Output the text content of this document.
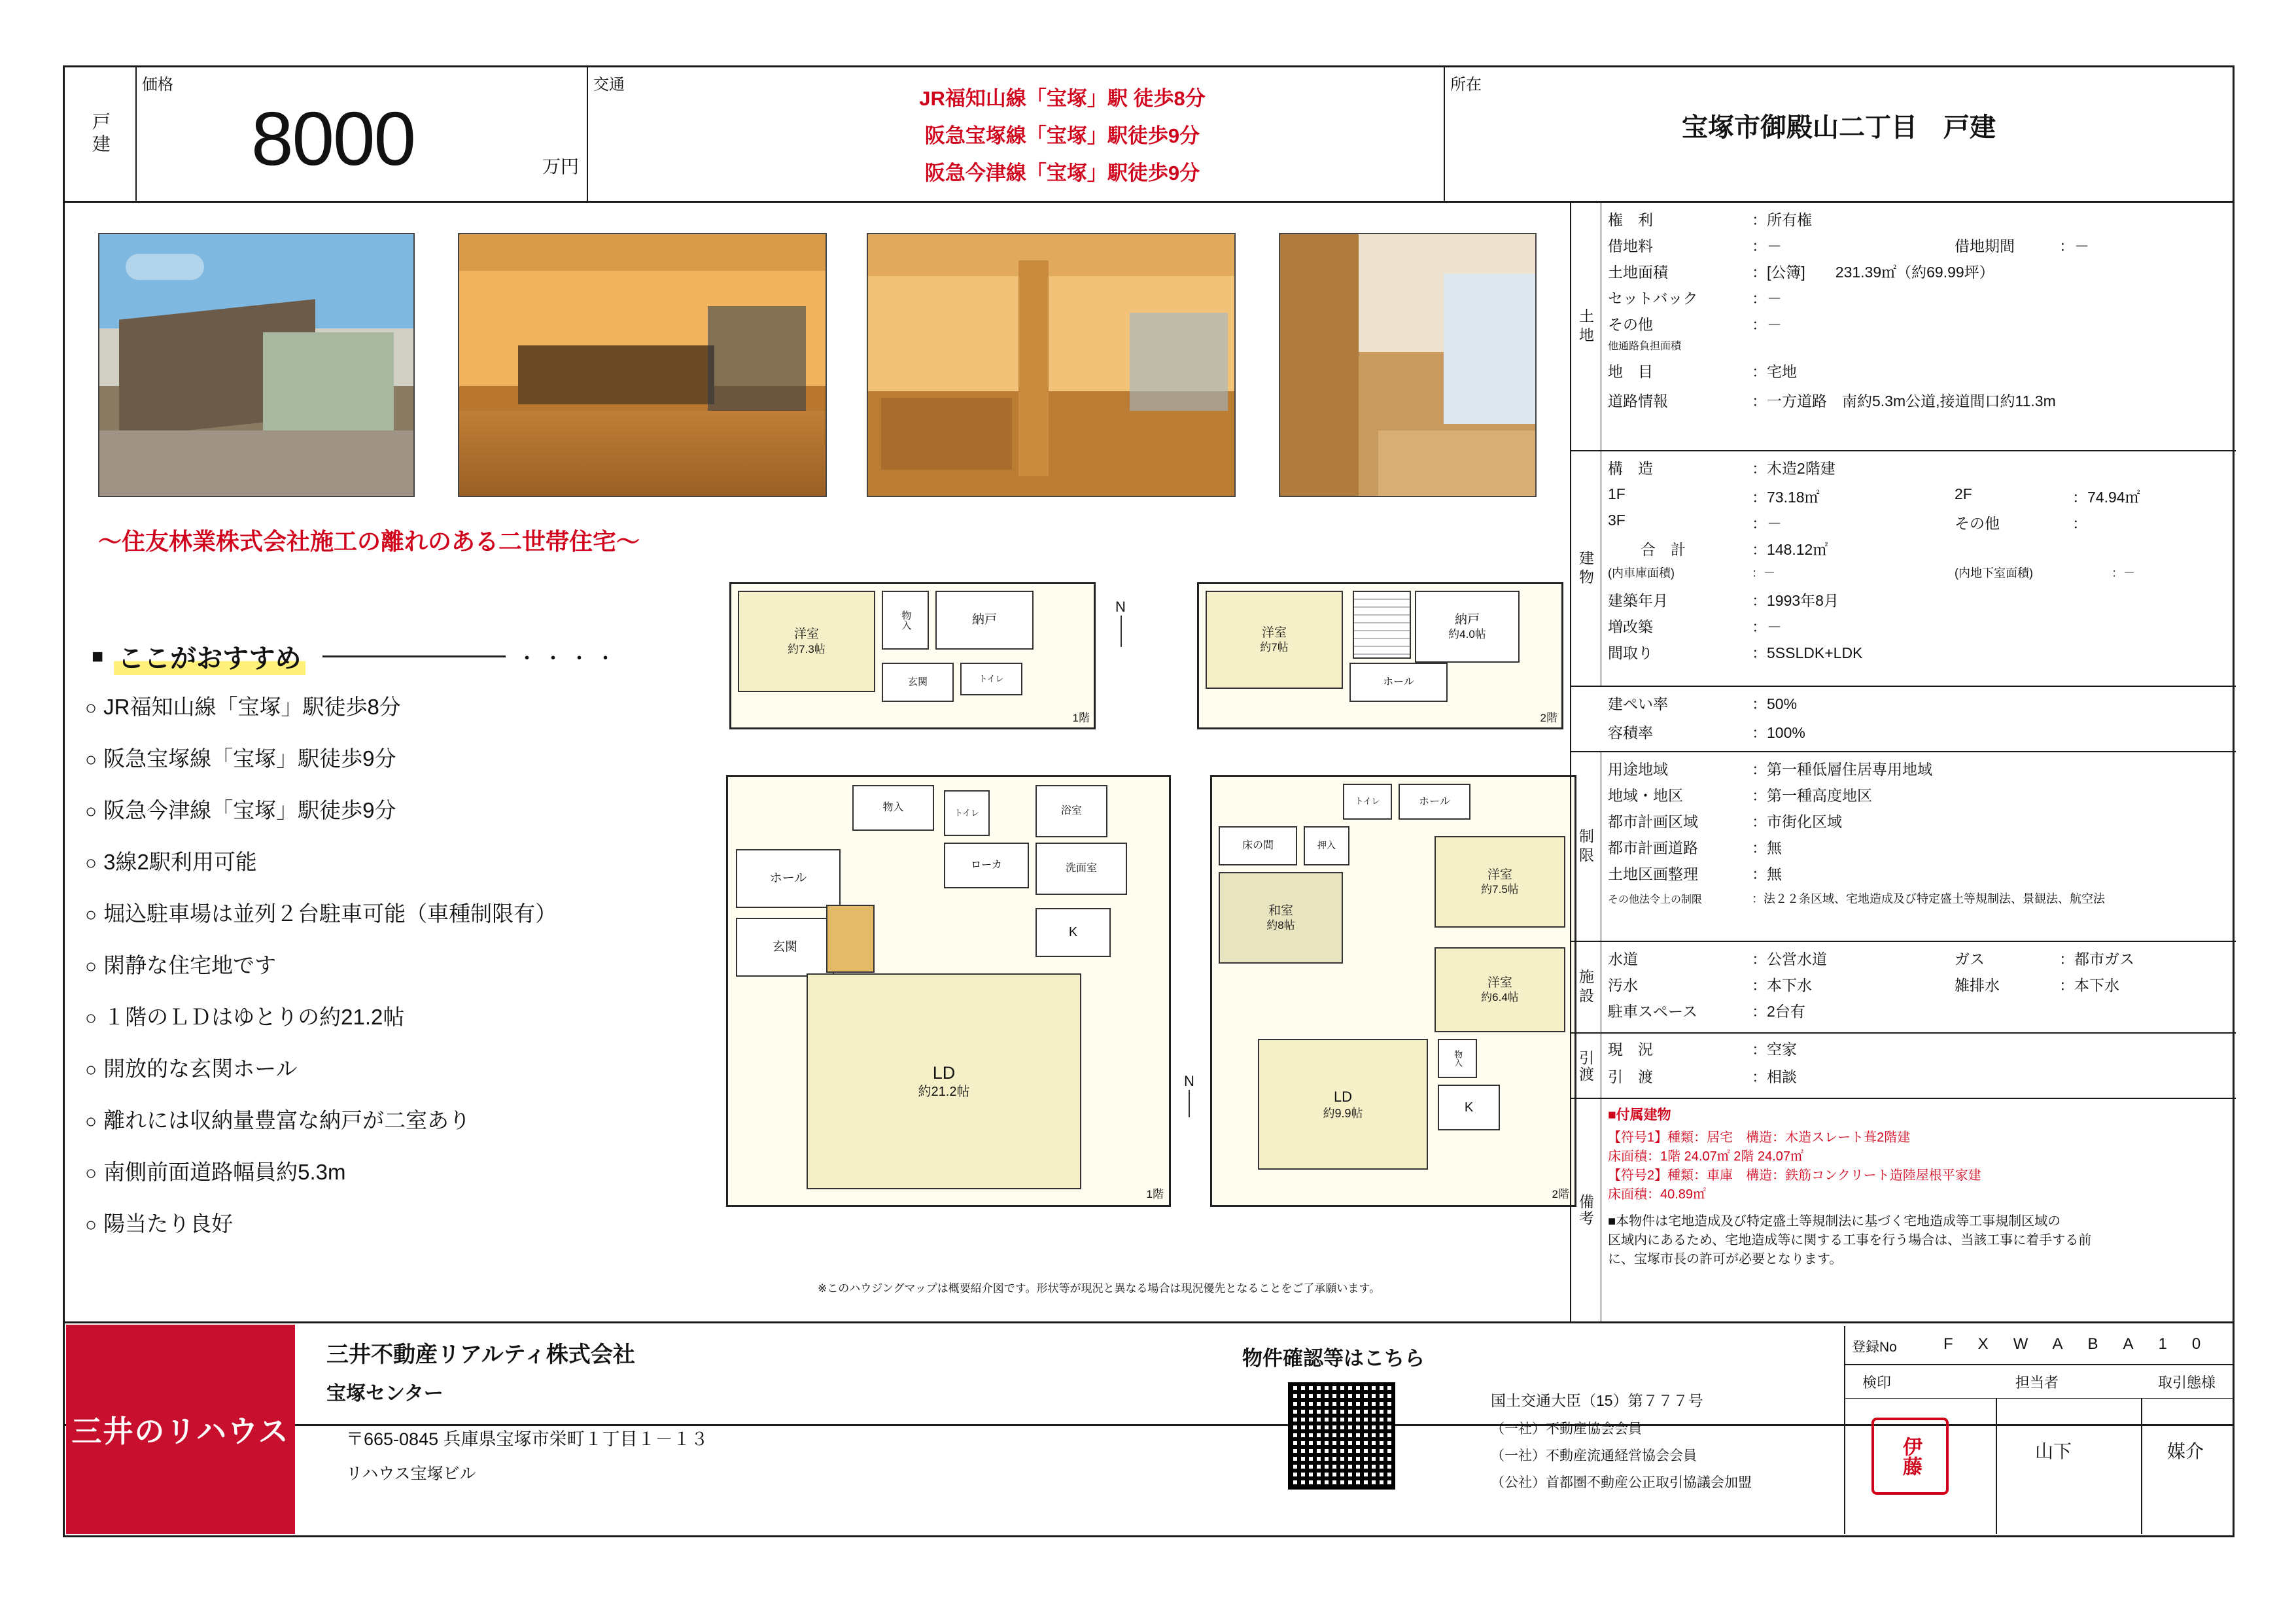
戸建
価格
8000	万円
交通
JR福知山線「宝塚」駅 徒歩8分
阪急宝塚線「宝塚」駅徒歩9分
阪急今津線「宝塚」駅徒歩9分
所在
宝塚市御殿山二丁目　戸建
～住友林業株式会社施工の離れのある二世帯住宅～
■ ここがおすすめ	・・・・
○ JR福知山線「宝塚」駅徒歩8分
○ 阪急宝塚線「宝塚」駅徒歩9分
○ 阪急今津線「宝塚」駅徒歩9分
○ 3線2駅利用可能
○ 堀込駐車場は並列２台駐車可能（車種制限有）
○ 閑静な住宅地です
○ １階のＬＤはゆとりの約21.2帖
○ 開放的な玄関ホール
○ 離れには収納量豊富な納戸が二室あり
○ 南側前面道路幅員約5.3m
○ 陽当たり良好
洋室
約7.3帖
物入	納戸
玄関	トイレ
1階
N
洋室
約7帖
納戸
約4.0帖
ホール
2階
ホール
玄関
物入
ローカ	洗面室
浴室
トイレ
K
LD
約21.2帖
1階
N
トイレ	ホール
床の間	押入
和室
約8帖
洋室
約7.5帖
洋室
約6.4帖
LD
約9.9帖	K
物入
2階
※このハウジングマップは概要紹介図です。形状等が現況と異なる場合は現況優先となることをご了承願います。
土地
権　利	：所有権
借地料	：－	借地期間	：－
土地面積	：[公簿]　　231.39㎡（約69.99坪）
セットバック	：－
その他	：－
他通路負担面積
地　目	：宅地
道路情報	：一方道路　南約5.3m公道,接道間口約11.3m
建物
構　造	：木造2階建
1F	：73.18㎡	2F	：74.94㎡
3F	：－	その他	：
合　計	：148.12㎡
(内車庫面積)	：－	(内地下室面積)	：－
建築年月	：1993年8月
増改築	：－
間取り	：5SSLDK+LDK
建ぺい率	：50%
容積率	：100%
制限
用途地域	：第一種低層住居専用地域
地域・地区	：第一種高度地区
都市計画区域	：市街化区域
都市計画道路	：無
土地区画整理	：無
その他法令上の制限	：法２２条区域、宅地造成及び特定盛土等規制法、景観法、航空法
施設
水道	：公営水道	ガス	：都市ガス
汚水	：本下水	雑排水	：本下水
駐車スペース	：2台有
引渡
現　況	：空家
引　渡	：相談
備考
■付属建物
【符号1】種類：居宅　構造：木造スレート葺2階建
床面積：1階 24.07㎡ 2階 24.07㎡
【符号2】種類：車庫　構造：鉄筋コンクリート造陸屋根平家建
床面積：40.89㎡
■本物件は宅地造成及び特定盛土等規制法に基づく宅地造成等工事規制区域の
区域内にあるため、宅地造成等に関する工事を行う場合は、当該工事に着手する前
に、宝塚市長の許可が必要となります。
三井のリハウス
三井不動産リアルティ株式会社
宝塚センター
〒665-0845 兵庫県宝塚市栄町１丁目１－１３
リハウス宝塚ビル
物件確認等はこちら
国土交通大臣（15）第７７７号
（一社）不動産協会会員
（一社）不動産流通経営協会会員
（公社）首都圏不動産公正取引協議会加盟
登録No	FXWABA10
検印	担当者	取引態様
伊藤	山下	媒介
